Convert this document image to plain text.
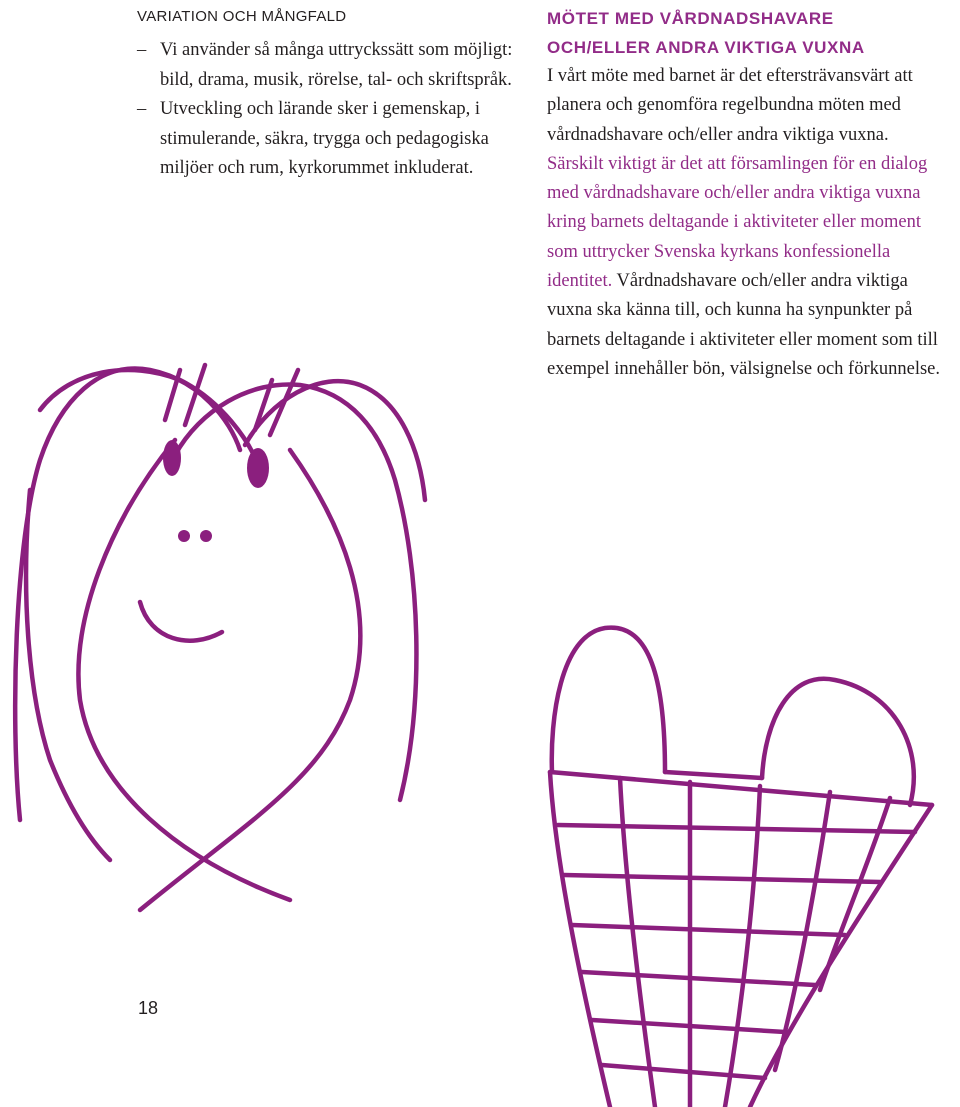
VARIATION OCH MÅNGFALD
– Vi använder så många uttryckssätt som möjligt: bild, drama, musik, rörelse, tal- och skriftspråk.
– Utveckling och lärande sker i gemenskap, i stimulerande, säkra, trygga och pedagogiska miljöer och rum, kyrkorummet inkluderat.
MÖTET MED VÅRDNADSHAVARE
OCH/ELLER ANDRA VIKTIGA VUXNA
I vårt möte med barnet är det eftersträvansvärt att planera och genomföra regelbundna möten med vårdnadshavare och/eller andra viktiga vuxna. Särskilt viktigt är det att församlingen för en dialog med vårdnadshavare och/eller andra viktiga vuxna kring barnets deltagande i aktiviteter eller moment som uttrycker Svenska kyrkans konfessionella identitet. Vårdnadshavare och/eller andra viktiga vuxna ska känna till, och kunna ha synpunkter på barnets deltagande i aktiviteter eller moment som till exempel innehåller bön, välsignelse och förkunnelse.
18
